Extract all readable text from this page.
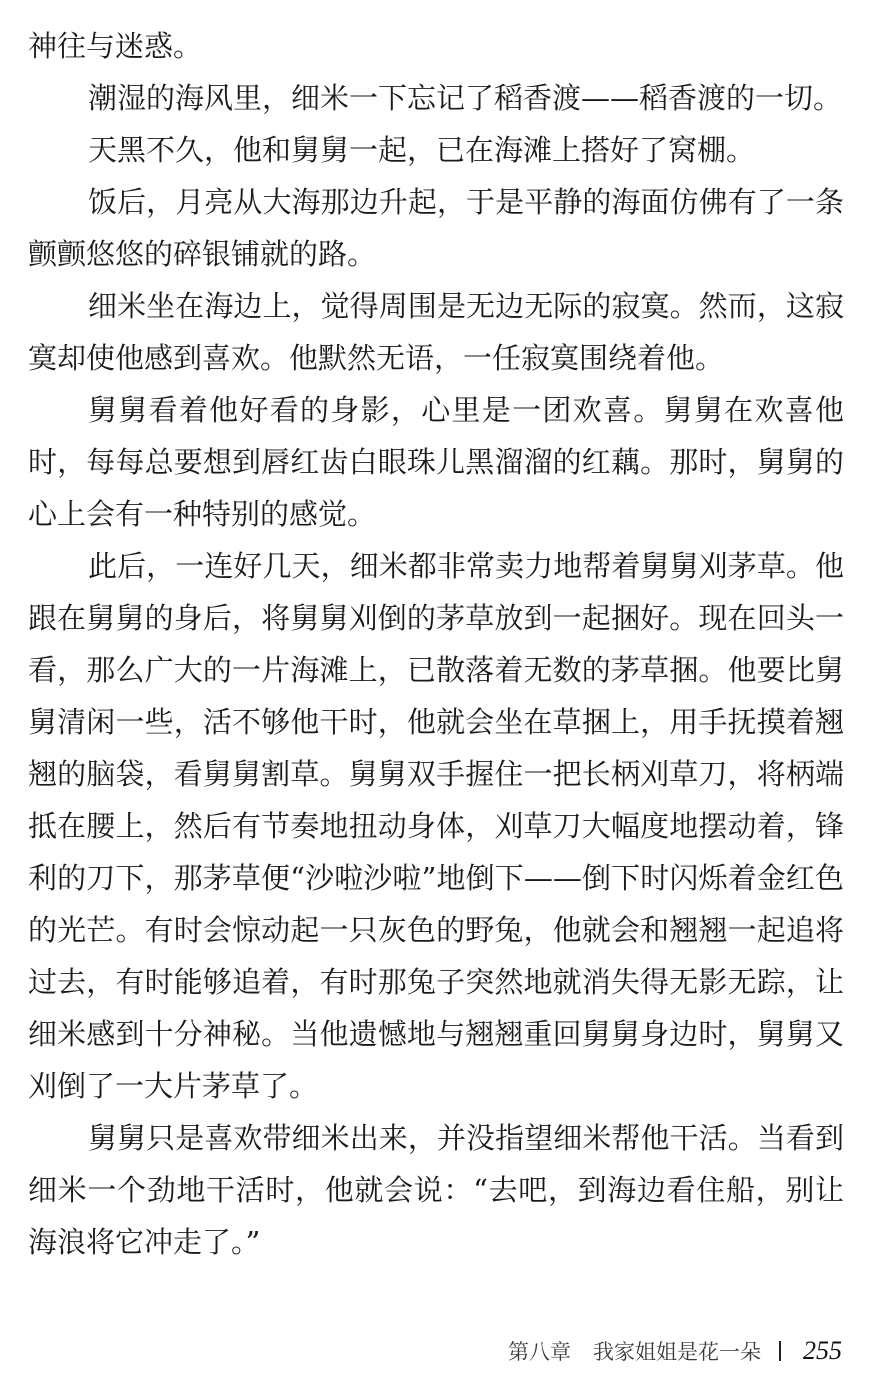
神往与迷惑。

潮湿的海风里，细米一下忘记了稻香渡——稻香渡的一切。

天黑不久，他和舅舅一起，已在海滩上搭好了窝棚。

饭后，月亮从大海那边升起，于是平静的海面仿佛有了一条颤颤悠悠的碎银铺就的路。

细米坐在海边上，觉得周围是无边无际的寂寞。然而，这寂寞却使他感到喜欢。他默然无语，一任寂寞围绕着他。

舅舅看着他好看的身影，心里是一团欢喜。舅舅在欢喜他时，每每总要想到唇红齿白眼珠儿黑溜溜的红藕。那时，舅舅的心上会有一种特别的感觉。

此后，一连好几天，细米都非常卖力地帮着舅舅刈茅草。他跟在舅舅的身后，将舅舅刈倒的茅草放到一起捆好。现在回头一看，那么广大的一片海滩上，已散落着无数的茅草捆。他要比舅舅清闲一些，活不够他干时，他就会坐在草捆上，用手抚摸着翘翘的脑袋，看舅舅割草。舅舅双手握住一把长柄刈草刀，将柄端抵在腰上，然后有节奏地扭动身体，刈草刀大幅度地摆动着，锋利的刀下，那茅草便“沙啦沙啦”地倒下——倒下时闪烁着金红色的光芒。有时会惊动起一只灰色的野兔，他就会和翘翘一起追将过去，有时能够追着，有时那兔子突然地就消失得无影无踪，让细米感到十分神秘。当他遗憾地与翘翘重回舅舅身边时，舅舅又刈倒了一大片茅草了。

舅舅只是喜欢带细米出来，并没指望细米帮他干活。当看到细米一个劲地干活时，他就会说：“去吧，到海边看住船，别让海浪将它冲走了。”

第八章 我家姐姐是花一朵 255
